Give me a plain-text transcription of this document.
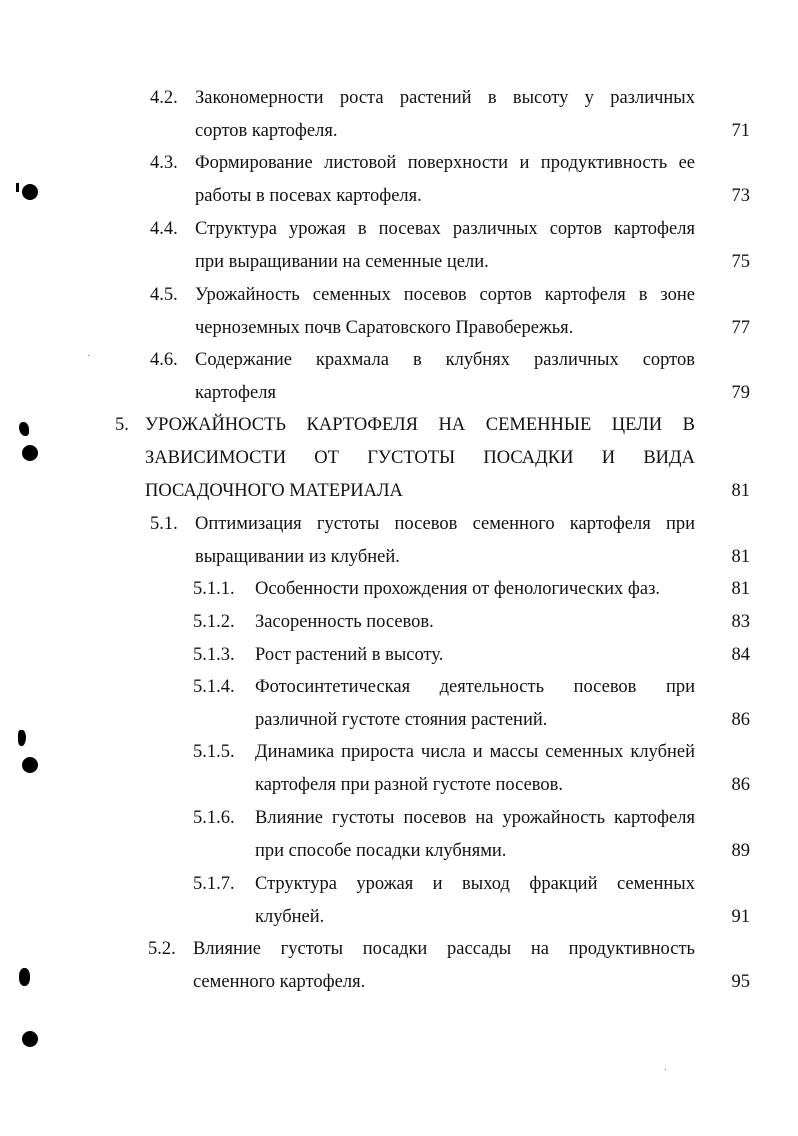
4.2. Закономерности роста растений в высоту у различных
сортов картофеля.	71
4.3. Формирование листовой поверхности и продуктивность ее
работы в посевах картофеля.	73
4.4. Структура урожая в посевах различных сортов картофеля
при выращивании на семенные цели.	75
4.5. Урожайность семенных посевов сортов картофеля в зоне
черноземных почв Саратовского Правобережья.	77
4.6. Содержание крахмала в клубнях различных сортов
картофеля	79
5. УРОЖАЙНОСТЬ КАРТОФЕЛЯ НА СЕМЕННЫЕ ЦЕЛИ В
ЗАВИСИМОСТИ ОТ ГУСТОТЫ ПОСАДКИ И ВИДА
ПОСАДОЧНОГО МАТЕРИАЛА	81
5.1. Оптимизация густоты посевов семенного картофеля при
выращивании из клубней.	81
5.1.1. Особенности прохождения от фенологических фаз.	81
5.1.2. Засоренность посевов.	83
5.1.3. Рост растений в высоту.	84
5.1.4. Фотосинтетическая деятельность посевов при
различной густоте стояния растений.	86
5.1.5. Динамика прироста числа и массы семенных клубней
картофеля при разной густоте посевов.	86
5.1.6. Влияние густоты посевов на урожайность картофеля
при способе посадки клубнями.	89
5.1.7. Структура урожая и выход фракций семенных
клубней.	91
5.2. Влияние густоты посадки рассады на продуктивность
семенного картофеля.	95
